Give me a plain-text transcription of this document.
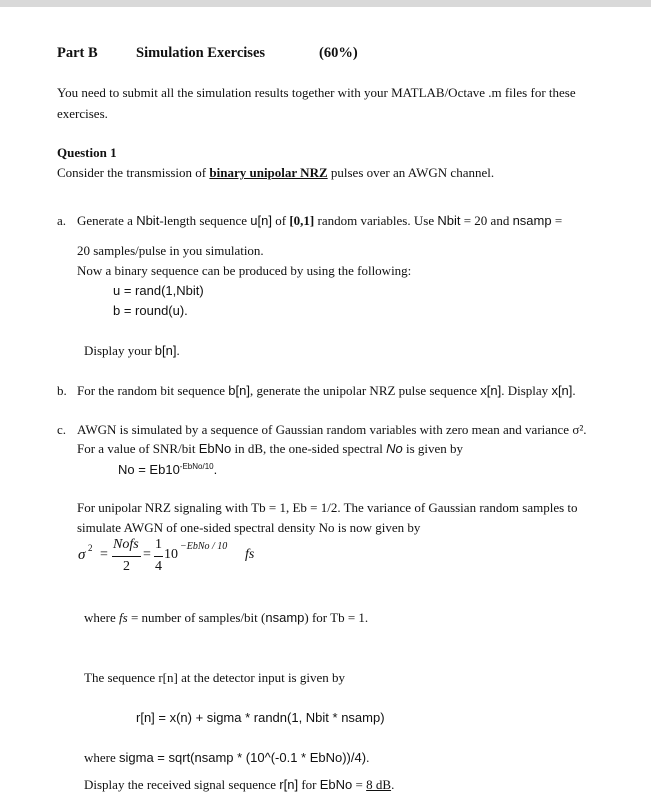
Part B	Simulation Exercises	(60%)
You need to submit all the simulation results together with your MATLAB/Octave .m files for these
exercises.
Question 1
Consider the transmission of binary unipolar NRZ pulses over an AWGN channel.
a. Generate a Nbit-length sequence u[n] of [0,1] random variables. Use Nbit = 20 and nsamp =
20 samples/pulse in you simulation.
Now a binary sequence can be produced by using the following:
u = rand(1,Nbit)
b = round(u).
Display your b[n].
b. For the random bit sequence b[n], generate the unipolar NRZ pulse sequence x[n]. Display x[n].
c. AWGN is simulated by a sequence of Gaussian random variables with zero mean and variance σ².
For a value of SNR/bit EbNo in dB, the one-sided spectral No is given by
$No = Eb10^{-EbNo/10}$.
For unipolar NRZ signaling with Tb = 1, Eb = 1/2. The variance of Gaussian random samples to
simulate AWGN of one-sided spectral density No is now given by
σ 2 =
Nofs
2
=
1
4
10
−EbNo / 10
fs
where fs = number of samples/bit (nsamp) for Tb = 1.
The sequence r[n] at the detector input is given by
r[n] = x(n) + sigma * randn(1, Nbit * nsamp)
where sigma = sqrt(nsamp * (10^(-0.1 * EbNo))/4).
Display the received signal sequence r[n] for EbNo = 8 dB.
